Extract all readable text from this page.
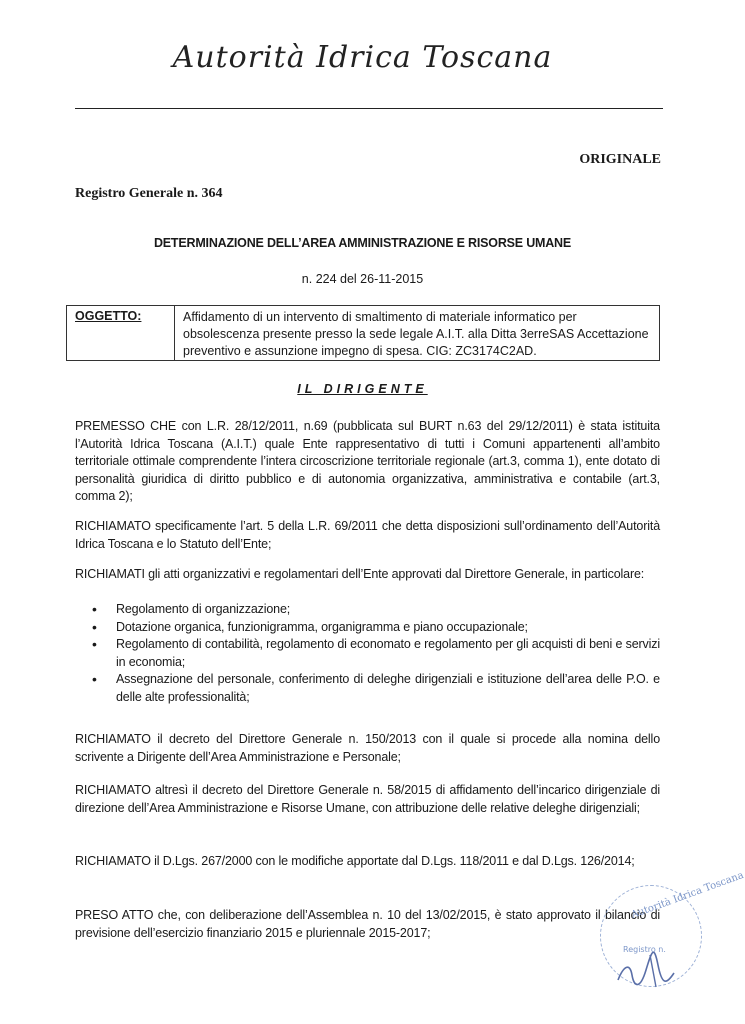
Autorità Idrica Toscana
ORIGINALE
Registro Generale n. 364
DETERMINAZIONE DELL’AREA AMMINISTRAZIONE E RISORSE UMANE
n. 224 del 26-11-2015
OGGETTO:	Affidamento di un intervento di smaltimento di materiale informatico per obsolescenza presente presso la sede legale A.I.T. alla Ditta 3erreSAS Accettazione preventivo e assunzione impegno di spesa. CIG: ZC3174C2AD.
IL DIRIGENTE
PREMESSO CHE con L.R. 28/12/2011, n.69 (pubblicata sul BURT n.63 del 29/12/2011) è stata istituita l’Autorità Idrica Toscana (A.I.T.) quale Ente rappresentativo di tutti i Comuni appartenenti all’ambito territoriale ottimale comprendente l’intera circoscrizione territoriale regionale (art.3, comma 1), ente dotato di personalità giuridica di diritto pubblico e di autonomia organizzativa, amministrativa e contabile (art.3, comma 2);
RICHIAMATO specificamente l’art. 5 della L.R. 69/2011 che detta disposizioni sull’ordinamento dell’Autorità Idrica Toscana e lo Statuto dell’Ente;
RICHIAMATI gli atti organizzativi e regolamentari dell’Ente approvati dal Direttore Generale, in particolare:
• Regolamento di organizzazione;
• Dotazione organica, funzionigramma, organigramma e piano occupazionale;
• Regolamento di contabilità, regolamento di economato e regolamento per gli acquisti di beni e servizi in economia;
• Assegnazione del personale, conferimento di deleghe dirigenziali e istituzione dell’area delle P.O. e delle alte professionalità;
RICHIAMATO il decreto del Direttore Generale n. 150/2013 con il quale si procede alla nomina dello scrivente a Dirigente dell’Area Amministrazione e Personale;
RICHIAMATO altresì il decreto del Direttore Generale n. 58/2015 di affidamento dell’incarico dirigenziale di direzione dell’Area Amministrazione e Risorse Umane, con attribuzione delle relative deleghe dirigenziali;
RICHIAMATO il D.Lgs. 267/2000 con le modifiche apportate dal D.Lgs. 118/2011 e dal D.Lgs. 126/2014;
PRESO ATTO che, con deliberazione dell’Assemblea n. 10 del 13/02/2015, è stato approvato il bilancio di previsione dell’esercizio finanziario 2015 e pluriennale 2015-2017;
Autorità Idrica Toscana
Registro n.
